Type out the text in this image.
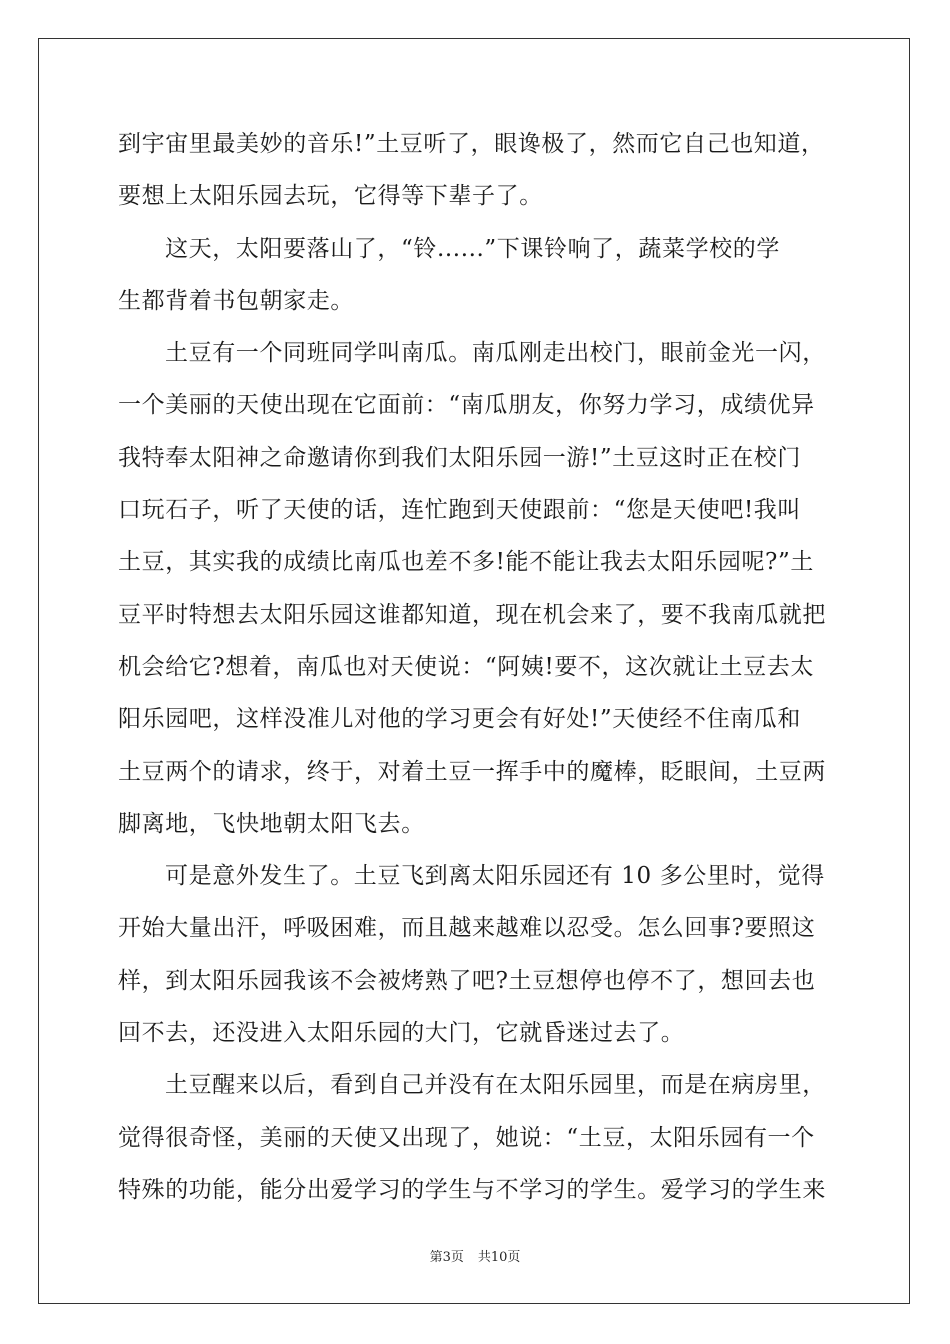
到宇宙里最美妙的音乐!”土豆听了，眼谗极了，然而它自己也知道，
要想上太阳乐园去玩，它得等下辈子了。
这天，太阳要落山了，“铃......”下课铃响了，蔬菜学校的学
生都背着书包朝家走。
土豆有一个同班同学叫南瓜。南瓜刚走出校门，眼前金光一闪，
一个美丽的天使出现在它面前：“南瓜朋友，你努力学习，成绩优异
我特奉太阳神之命邀请你到我们太阳乐园一游!”土豆这时正在校门
口玩石子，听了天使的话，连忙跑到天使跟前：“您是天使吧!我叫
土豆，其实我的成绩比南瓜也差不多!能不能让我去太阳乐园呢?”土
豆平时特想去太阳乐园这谁都知道，现在机会来了，要不我南瓜就把
机会给它?想着，南瓜也对天使说：“阿姨!要不，这次就让土豆去太
阳乐园吧，这样没准儿对他的学习更会有好处!”天使经不住南瓜和
土豆两个的请求，终于，对着土豆一挥手中的魔棒，眨眼间，土豆两
脚离地，飞快地朝太阳飞去。
可是意外发生了。土豆飞到离太阳乐园还有 10 多公里时，觉得
开始大量出汗，呼吸困难，而且越来越难以忍受。怎么回事?要照这
样，到太阳乐园我该不会被烤熟了吧?土豆想停也停不了，想回去也
回不去，还没进入太阳乐园的大门，它就昏迷过去了。
土豆醒来以后，看到自己并没有在太阳乐园里，而是在病房里，
觉得很奇怪，美丽的天使又出现了，她说：“土豆，太阳乐园有一个
特殊的功能，能分出爱学习的学生与不学习的学生。爱学习的学生来
第3页 共10页
